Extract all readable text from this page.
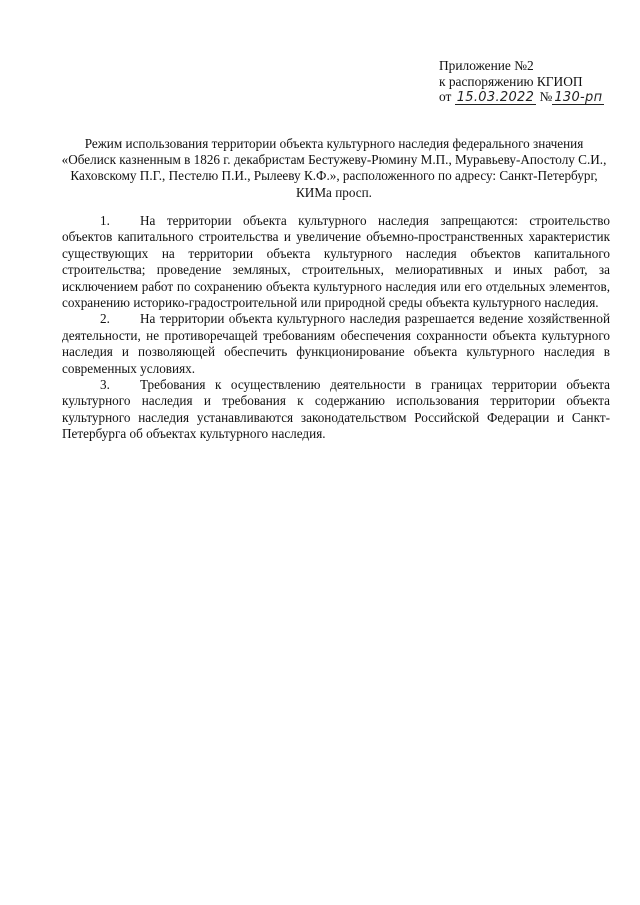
Приложение №2
к распоряжению КГИОП
от 15.03.2022 № 130-рп
Режим использования территории объекта культурного наследия федерального значения
«Обелиск казненным в 1826 г. декабристам Бестужеву-Рюмину М.П., Муравьеву-Апостолу С.И.,
Каховскому П.Г., Пестелю П.И., Рылееву К.Ф.», расположенного по адресу: Санкт-Петербург,
КИМа просп.

1. На территории объекта культурного наследия запрещаются: строительство объектов капитального строительства и увеличение объемно-пространственных характеристик существующих на территории объекта культурного наследия объектов капитального строительства; проведение земляных, строительных, мелиоративных и иных работ, за исключением работ по сохранению объекта культурного наследия или его отдельных элементов, сохранению историко-градостроительной или природной среды объекта культурного наследия.

2. На территории объекта культурного наследия разрешается ведение хозяйственной деятельности, не противоречащей требованиям обеспечения сохранности объекта культурного наследия и позволяющей обеспечить функционирование объекта культурного наследия в современных условиях.

3. Требования к осуществлению деятельности в границах территории объекта культурного наследия и требования к содержанию использования территории объекта культурного наследия устанавливаются законодательством Российской Федерации и Санкт-Петербурга об объектах культурного наследия.
